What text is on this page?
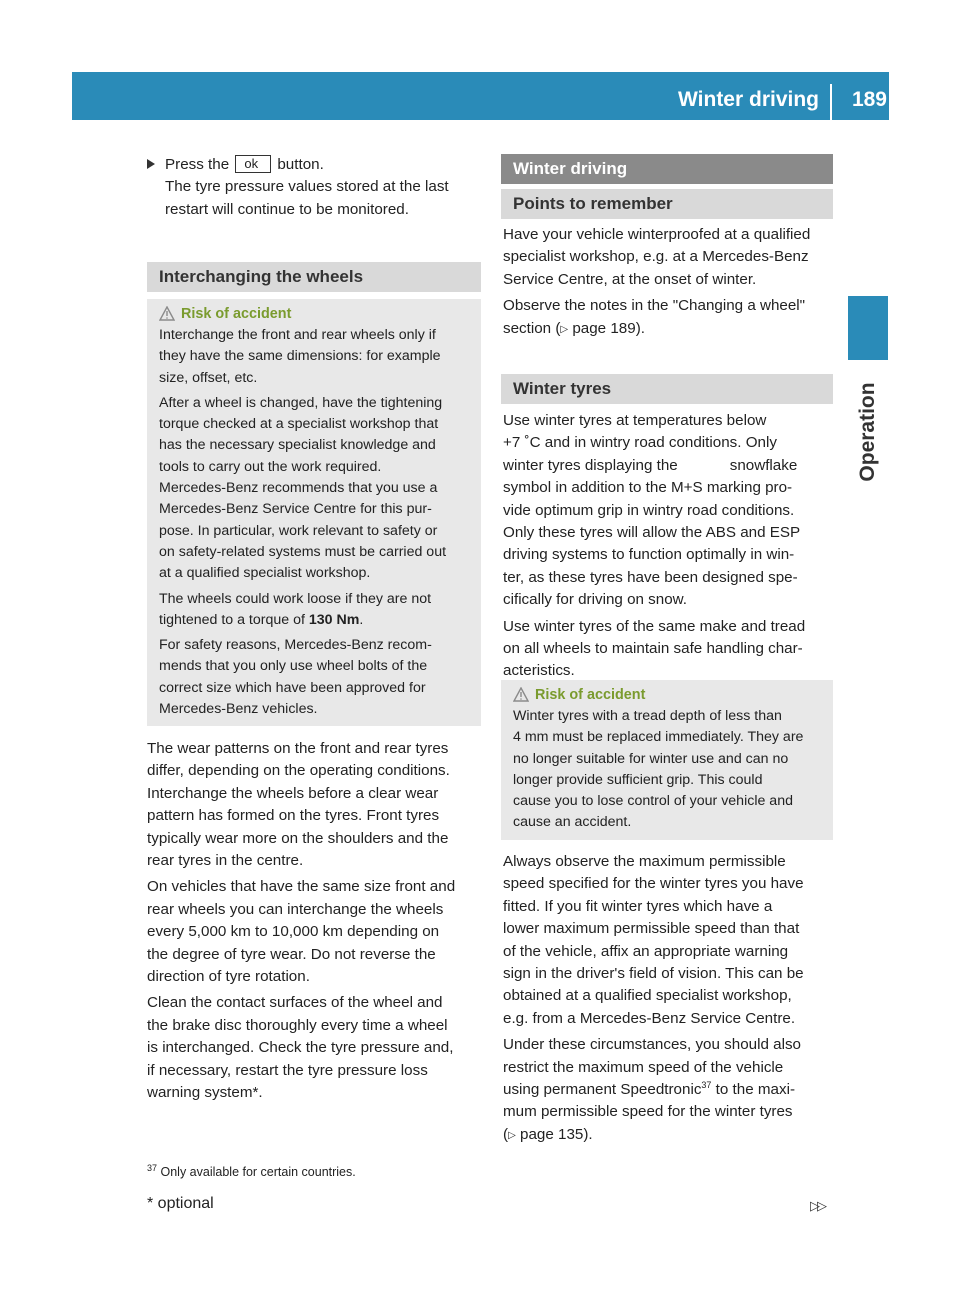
Winter driving 189
Operation
Press the ok button.
The tyre pressure values stored at the last
restart will continue to be monitored.
Interchanging the wheels
Risk of accident
Interchange the front and rear wheels only if
they have the same dimensions: for example
size, offset, etc.
After a wheel is changed, have the tightening
torque checked at a specialist workshop that
has the necessary specialist knowledge and
tools to carry out the work required.
Mercedes-Benz recommends that you use a
Mercedes-Benz Service Centre for this pur-
pose. In particular, work relevant to safety or
on safety-related systems must be carried out
at a qualified specialist workshop.
The wheels could work loose if they are not
tightened to a torque of 130 Nm.
For safety reasons, Mercedes-Benz recom-
mends that you only use wheel bolts of the
correct size which have been approved for
Mercedes-Benz vehicles.

The wear patterns on the front and rear tyres
differ, depending on the operating conditions.
Interchange the wheels before a clear wear
pattern has formed on the tyres. Front tyres
typically wear more on the shoulders and the
rear tyres in the centre.

On vehicles that have the same size front and
rear wheels you can interchange the wheels
every 5,000 km to 10,000 km depending on
the degree of tyre wear. Do not reverse the
direction of tyre rotation.

Clean the contact surfaces of the wheel and
the brake disc thoroughly every time a wheel
is interchanged. Check the tyre pressure and,
if necessary, restart the tyre pressure loss
warning system*.

Winter driving
Points to remember

Have your vehicle winterproofed at a qualified
specialist workshop, e.g. at a Mercedes-Benz
Service Centre, at the onset of winter.

Observe the notes in the "Changing a wheel"
section (▷ page 189).

Winter tyres

Use winter tyres at temperatures below
+7 ˚C and in wintry road conditions. Only
winter tyres displaying the	snowflake
symbol in addition to the M+S marking pro-
vide optimum grip in wintry road conditions.
Only these tyres will allow the ABS and ESP
driving systems to function optimally in win-
ter, as these tyres have been designed spe-
cifically for driving on snow.

Use winter tyres of the same make and tread
on all wheels to maintain safe handling char-
acteristics.

Risk of accident
Winter tyres with a tread depth of less than
4 mm must be replaced immediately. They are
no longer suitable for winter use and can no
longer provide sufficient grip. This could
cause you to lose control of your vehicle and
cause an accident.

Always observe the maximum permissible
speed specified for the winter tyres you have
fitted. If you fit winter tyres which have a
lower maximum permissible speed than that
of the vehicle, affix an appropriate warning
sign in the driver's field of vision. This can be
obtained at a qualified specialist workshop,
e.g. from a Mercedes-Benz Service Centre.

Under these circumstances, you should also
restrict the maximum speed of the vehicle
using permanent Speedtronic$^{37}$ to the maxi-
mum permissible speed for the winter tyres
(▷ page 135).

$^{37}$ Only available for certain countries.
* optional	▷▷
